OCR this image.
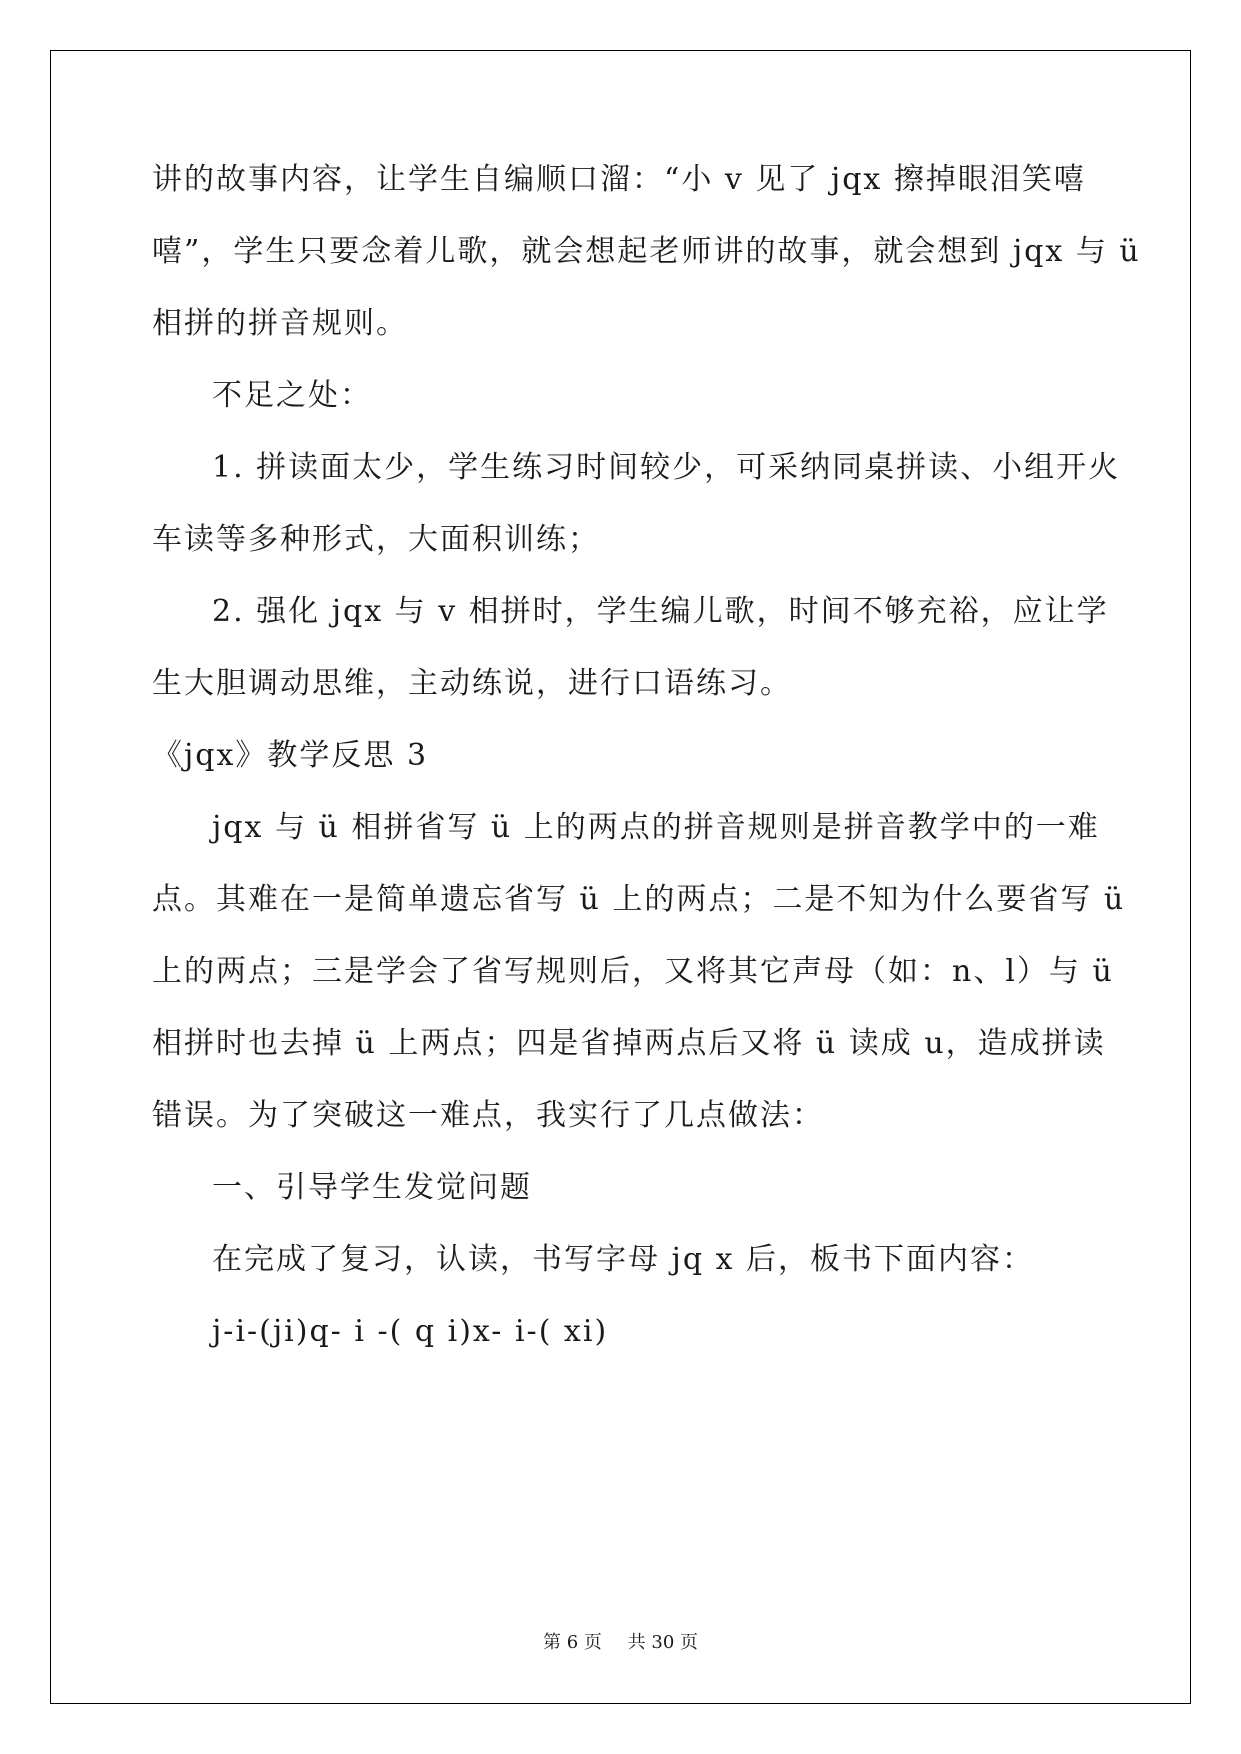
讲的故事内容，让学生自编顺口溜：“小 v 见了 jqx 擦掉眼泪笑嘻
嘻”，学生只要念着儿歌，就会想起老师讲的故事，就会想到 jqx 与 ü
相拼的拼音规则。
不足之处：
1. 拼读面太少，学生练习时间较少，可采纳同桌拼读、小组开火
车读等多种形式，大面积训练；
2. 强化 jqx 与 v 相拼时，学生编儿歌，时间不够充裕，应让学
生大胆调动思维，主动练说，进行口语练习。
《jqx》教学反思 3
jqx 与 ü 相拼省写 ü 上的两点的拼音规则是拼音教学中的一难
点。其难在一是简单遗忘省写 ü 上的两点；二是不知为什么要省写 ü
上的两点；三是学会了省写规则后，又将其它声母（如：n、l）与 ü
相拼时也去掉 ü 上两点；四是省掉两点后又将 ü 读成 u，造成拼读
错误。为了突破这一难点，我实行了几点做法：
一、引导学生发觉问题
在完成了复习，认读，书写字母 jq x 后，板书下面内容：
j-i-(ji)q- i -( q i)x- i-( xi)
第 6 页 共 30 页
